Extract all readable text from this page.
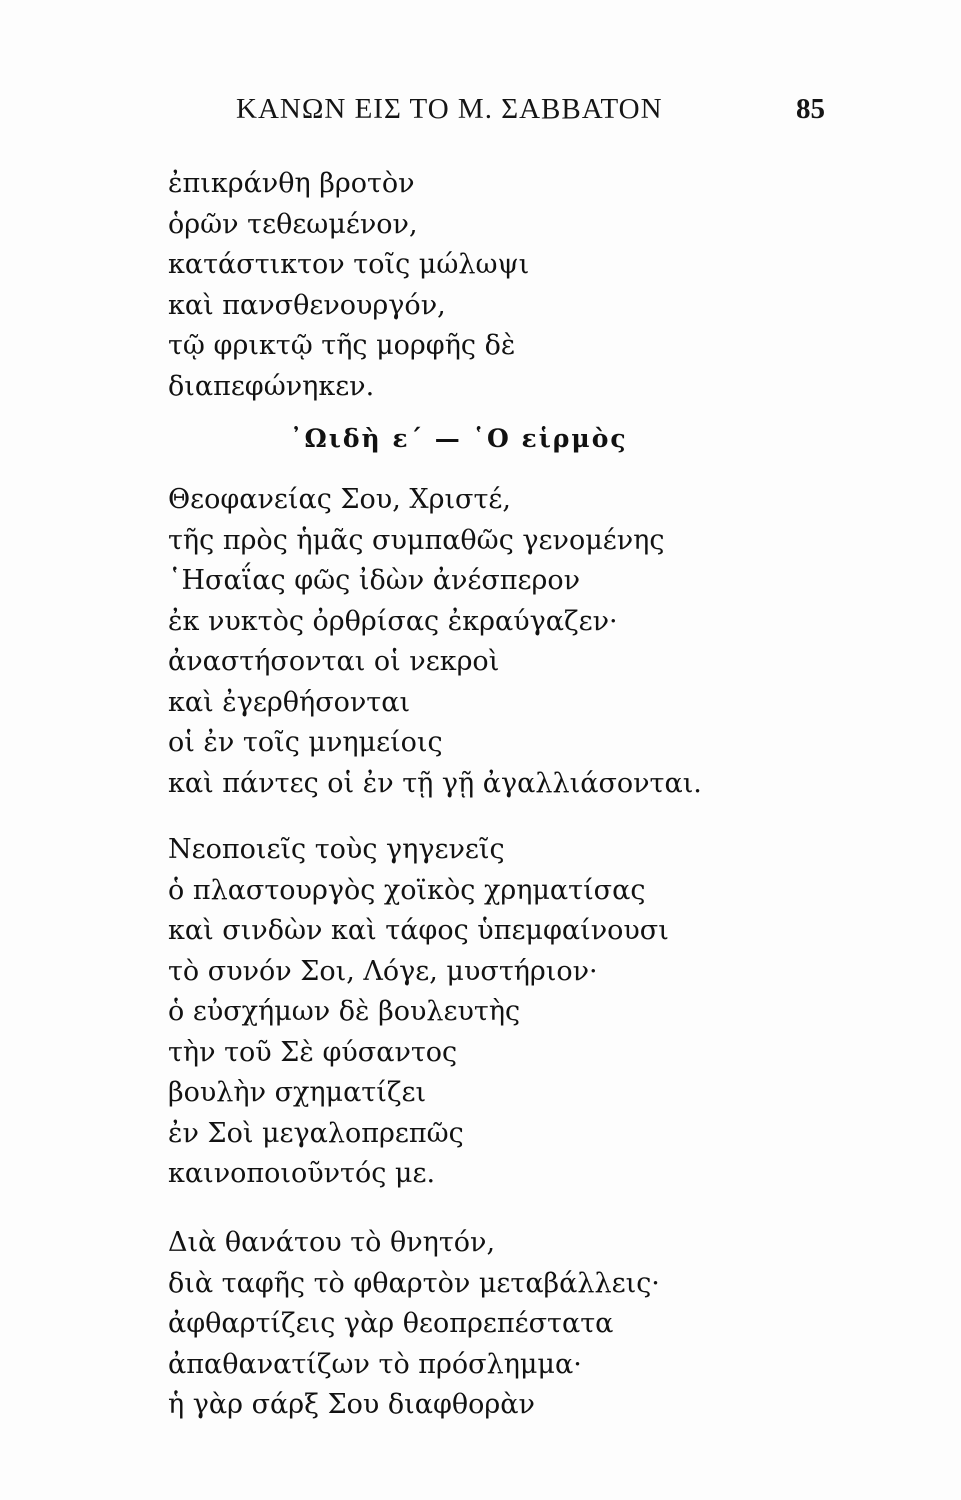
ΚΑΝΩΝ ΕΙΣ ΤΟ Μ. ΣΑΒΒΑΤΟΝ	85
ἐπικράνθη βροτὸν
ὁρῶν τεθεωμένον,
κατάστικτον τοῖς μώλωψι
καὶ πανσθενουργόν,
τῷ φρικτῷ τῆς μορφῆς δὲ
διαπεφώνηκεν.
᾿Ωιδὴ ε΄ — ῾Ο εἱρμὸς
Θεοφανείας Σου, Χριστέ,
τῆς πρὸς ἡμᾶς συμπαθῶς γενομένης
῾Ησαΐας φῶς ἰδὼν ἀνέσπερον
ἐκ νυκτὸς ὀρθρίσας ἐκραύγαζεν·
ἀναστήσονται οἱ νεκροὶ
καὶ ἐγερθήσονται
οἱ ἐν τοῖς μνημείοις
καὶ πάντες οἱ ἐν τῇ γῇ ἀγαλλιάσονται.
Νεοποιεῖς τοὺς γηγενεῖς
ὁ πλαστουργὸς χοϊκὸς χρηματίσας
καὶ σινδὼν καὶ τάφος ὑπεμφαίνουσι
τὸ συνόν Σοι, Λόγε, μυστήριον·
ὁ εὐσχήμων δὲ βουλευτὴς
τὴν τοῦ Σὲ φύσαντος
βουλὴν σχηματίζει
ἐν Σοὶ μεγαλοπρεπῶς
καινοποιοῦντός με.
Διὰ θανάτου τὸ θνητόν,
διὰ ταφῆς τὸ φθαρτὸν μεταβάλλεις·
ἀφθαρτίζεις γὰρ θεοπρεπέστατα
ἀπαθανατίζων τὸ πρόσλημμα·
ἡ γὰρ σάρξ Σου διαφθορὰν
